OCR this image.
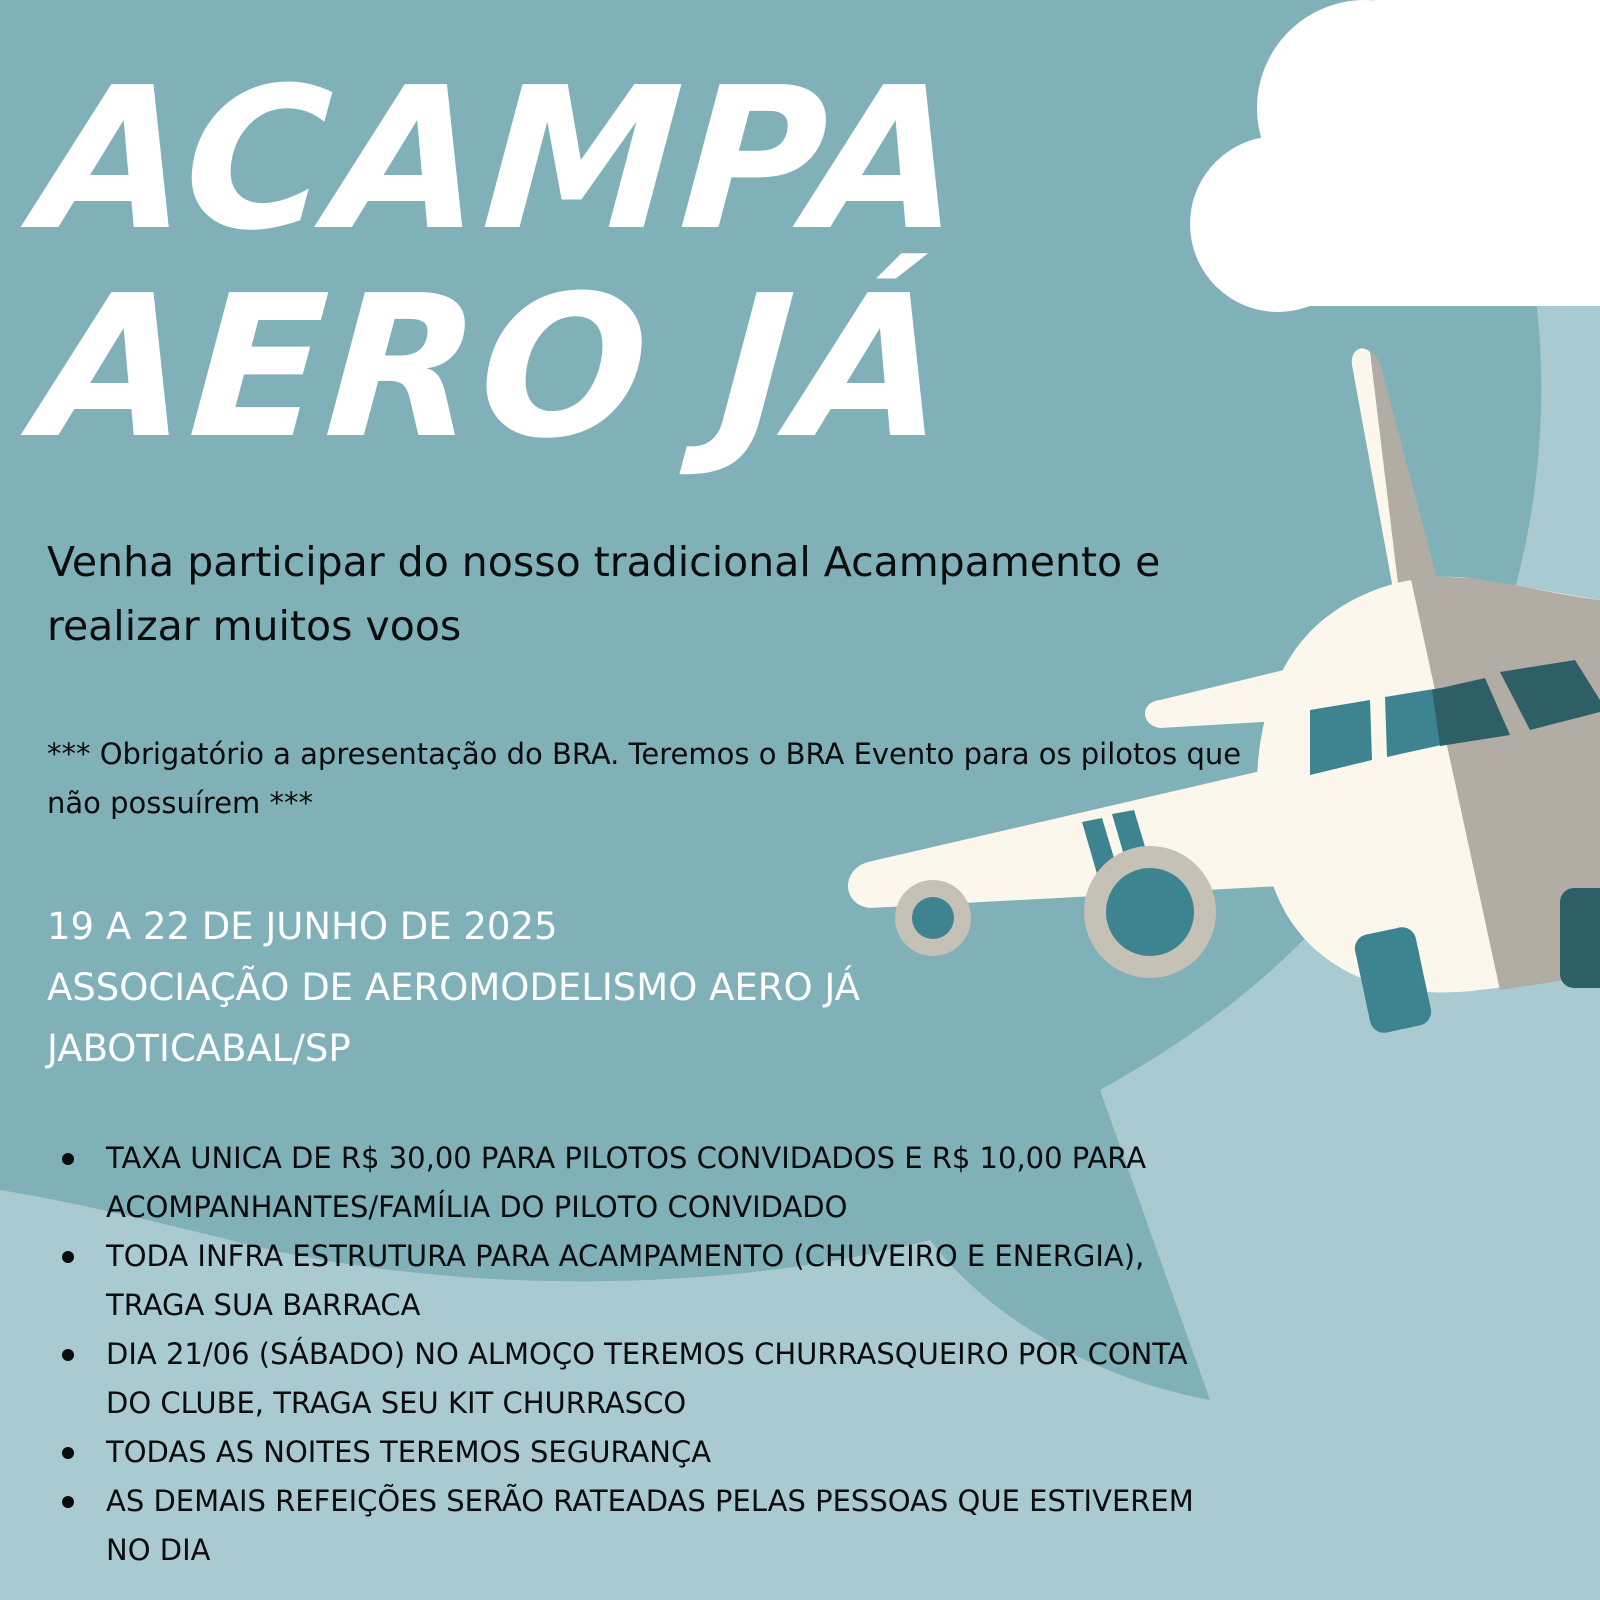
ACAMPA
AERO JÁ

Venha participar do nosso tradicional Acampamento e realizar muitos voos

*** Obrigatório a apresentação do BRA. Teremos o BRA Evento para os pilotos que não possuírem ***

19 A 22 DE JUNHO DE 2025
ASSOCIAÇÃO DE AEROMODELISMO AERO JÁ
JABOTICABAL/SP
TAXA UNICA DE R$ 30,00 PARA PILOTOS CONVIDADOS E R$ 10,00 PARA ACOMPANHANTES/FAMÍLIA DO PILOTO CONVIDADO
TODA INFRA ESTRUTURA PARA ACAMPAMENTO (CHUVEIRO E ENERGIA), TRAGA SUA BARRACA
DIA 21/06 (SÁBADO) NO ALMOÇO TEREMOS CHURRASQUEIRO POR CONTA DO CLUBE, TRAGA SEU KIT CHURRASCO
TODAS AS NOITES TEREMOS SEGURANÇA
AS DEMAIS REFEIÇÕES SERÃO RATEADAS PELAS PESSOAS QUE ESTIVEREM NO DIA
